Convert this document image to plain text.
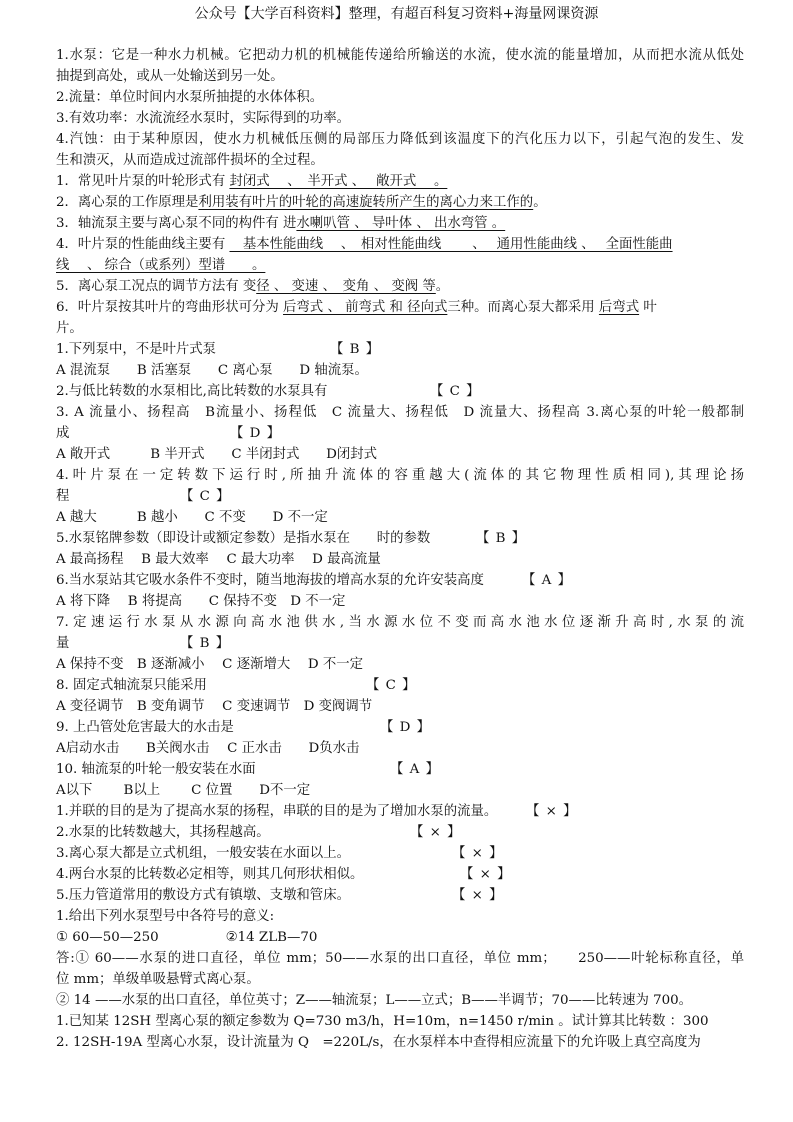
公众号【大学百科资料】整理，有超百科复习资料+海量网课资源
1.水泵：它是一种水力机械。它把动力机的机械能传递给所输送的水流，使水流的能量增加，从而把水流从低处
抽提到高处，或从一处输送到另一处。
2.流量：单位时间内水泵所抽提的水体体积。
3.有效功率：水流流经水泵时，实际得到的功率。
4.汽蚀：由于某种原因，使水力机械低压侧的局部压力降低到该温度下的汽化压力以下，引起气泡的发生、发
生和溃灭，从而造成过流部件损坏的全过程。
1．常见叶片泵的叶轮形式有 封闭式　 、　半开式 、　 敞开式　 。
2．离心泵的工作原理是利用装有叶片的叶轮的高速旋转所产生的离心力来工作的。
3．轴流泵主要与离心泵不同的构件有 进水喇叭管 、 导叶体 、 出水弯管 。
4．叶片泵的性能曲线主要有 　基本性能曲线　 、　相对性能曲线　　 、　 通用性能曲线 、　 全面性能曲
线　 、 综合（或系列）型谱　　。
5．离心泵工况点的调节方法有 变径 、 变速 、　变角 、 变阀 等。
6．叶片泵按其叶片的弯曲形状可分为 后弯式 、 前弯式 和 径向式三种。而离心泵大都采用 后弯式 叶
片。
1.下列泵中，不是叶片式泵	【 B 】
A 混流泵　　B 活塞泵　　C 离心泵　　D 轴流泵。
2.与低比转数的水泵相比,高比转数的水泵具有	【 C 】
3. A 流量小、扬程高　B流量小、扬程低　C 流量大、扬程低　D 流量大、扬程高 3.离心泵的叶轮一般都制
成	【 D 】
A 敞开式　　　B 半开式　　C 半闭封式　　D闭封式
4.叶片泵在一定转数下运行时,所抽升流体的容重越大(流体的其它物理性质相同),其理论扬
程	【 C 】
A 越大　　　B 越小　　C 不变　　D 不一定
5.水泵铭牌参数（即设计或额定参数）是指水泵在　　时的参数	【 B 】
A 最高扬程　 B 最大效率　 C 最大功率　 D 最高流量
6.当水泵站其它吸水条件不变时，随当地海拔的增高水泵的允许安装高度	【 A 】
A 将下降　 B 将提高　　C 保持不变　D 不一定
7.定速运行水泵从水源向高水池供水,当水源水位不变而高水池水位逐渐升高时,水泵的流
量	【 B 】
A 保持不变　B 逐渐减小　 C 逐渐增大　 D 不一定
8. 固定式轴流泵只能采用	【 C 】
A 变径调节　B 变角调节　 C 变速调节　D 变阀调节
9. 上凸管处危害最大的水击是	【 D 】
A启动水击　　B关阀水击　 C 正水击　　D负水击
10. 轴流泵的叶轮一般安装在水面	【 A 】
A以下　　 B以上　　 C 位置　　D不一定
1.并联的目的是为了提高水泵的扬程，串联的目的是为了增加水泵的流量。 【 × 】
2.水泵的比转数越大，其扬程越高。	【 × 】
3.离心泵大都是立式机组，一般安装在水面以上。	【 × 】
4.两台水泵的比转数必定相等，则其几何形状相似。	【 × 】
5.压力管道常用的敷设方式有镇墩、支墩和管床。	【 × 】
1.给出下列水泵型号中各符号的意义:
① 60—50—250　　　　　②14 ZLB—70
答:① 60——水泵的进口直径，单位 mm；50——水泵的出口直径，单位 mm；　　250——叶轮标称直径，单
位 mm；单级单吸悬臂式离心泵。
② 14 ——水泵的出口直径，单位英寸；Z——轴流泵；L——立式；B——半调节；70——比转速为 700。
1.已知某 12SH 型离心泵的额定参数为 Q=730 m3/h，H=10m，n=1450 r/min 。试计算其比转数 ：300
2. 12SH-19A 型离心水泵，设计流量为 Q　=220L/s，在水泵样本中查得相应流量下的允许吸上真空高度为
